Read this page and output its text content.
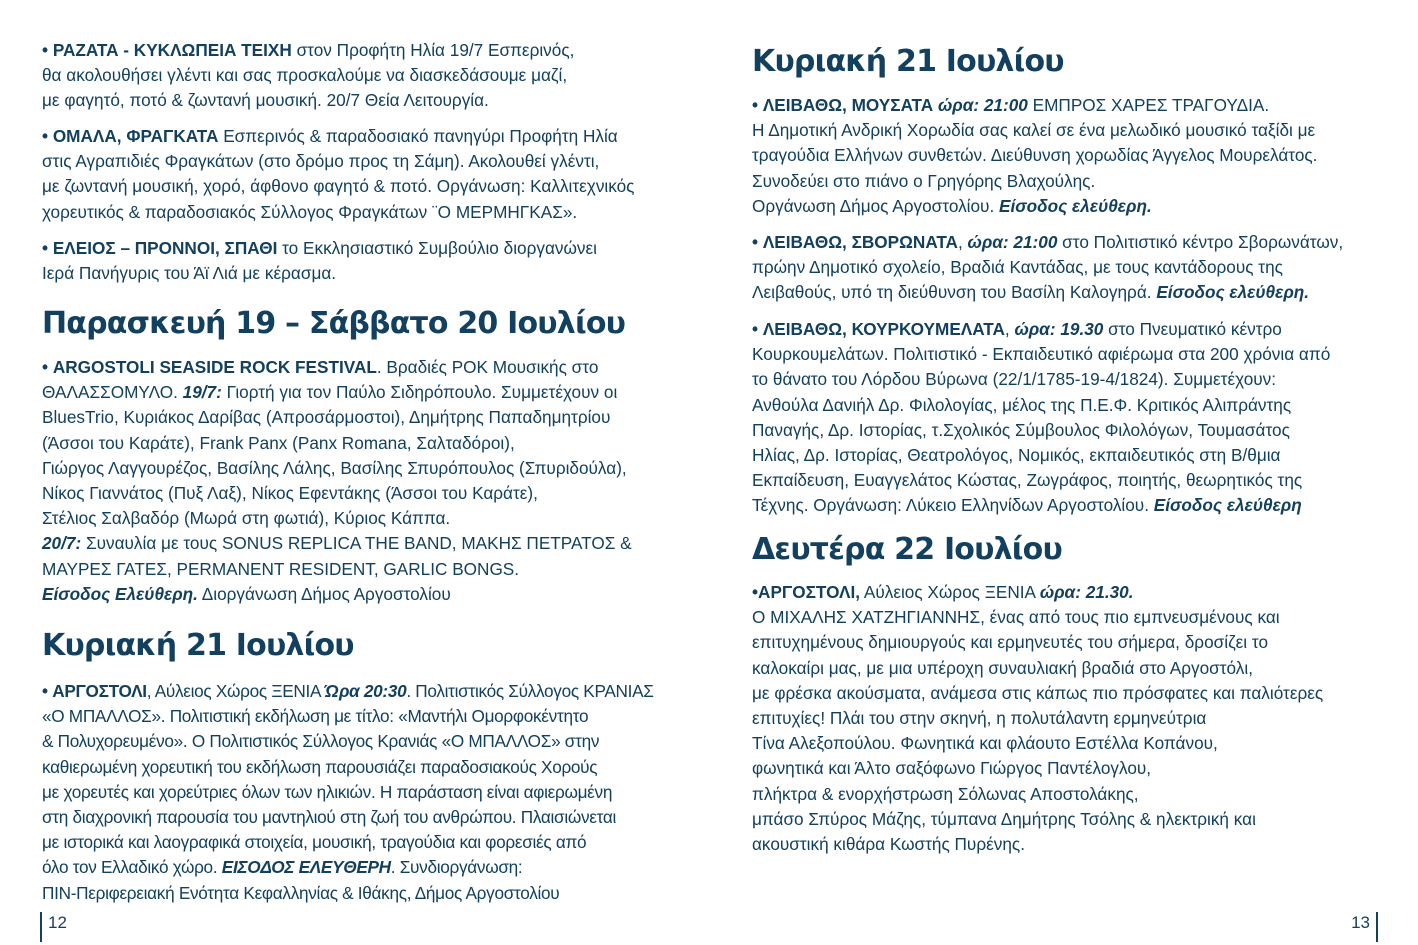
• ΡΑΖΑΤΑ - ΚΥΚΛΩΠΕΙΑ ΤΕΙΧΗ στον Προφήτη Ηλία 19/7 Εσπερινός,
θα ακολουθήσει γλέντι και σας προσκαλούμε να διασκεδάσουμε μαζί,
με φαγητό, ποτό & ζωντανή μουσική. 20/7 Θεία Λειτουργία.

• ΟΜΑΛΑ, ΦΡΑΓΚΑΤΑ Εσπερινός & παραδοσιακό πανηγύρι Προφήτη Ηλία
στις Αγραπιδιές Φραγκάτων (στο δρόμο προς τη Σάμη). Ακολουθεί γλέντι,
με ζωντανή μουσική, χορό, άφθονο φαγητό & ποτό. Οργάνωση: Καλλιτεχνικός
χορευτικός & παραδοσιακός Σύλλογος Φραγκάτων ¨Ο ΜΕΡΜΗΓΚΑΣ».

• ΕΛΕΙΟΣ – ΠΡΟΝΝΟΙ, ΣΠΑΘΙ το Εκκλησιαστικό Συμβούλιο διοργανώνει
Ιερά Πανήγυρις του Άϊ Λιά με κέρασμα.

Παρασκευή 19 – Σάββατο 20 Ιουλίου

• ARGOSTOLI SEASIDE ROCK FESTIVAL. Βραδιές ΡΟΚ Μουσικής στο
ΘΑΛΑΣΣΟΜΥΛΟ. 19/7: Γιορτή για τον Παύλο Σιδηρόπουλο. Συμμετέχουν οι
BluesTrio, Κυριάκος Δαρίβας (Απροσάρμοστοι), Δημήτρης Παπαδημητρίου
(Άσσοι του Καράτε), Frank Panx (Panx Romana, Σαλταδόροι),
Γιώργος Λαγγουρέζος, Βασίλης Λάλης, Βασίλης Σπυρόπουλος (Σπυριδούλα),
Νίκος Γιαννάτος (Πυξ Λαξ), Νίκος Εφεντάκης (Άσσοι του Καράτε),
Στέλιος Σαλβαδόρ (Μωρά στη φωτιά), Κύριος Κάππα.
20/7: Συναυλία με τους SONUS REPLICA THE BAND, ΜΑΚΗΣ ΠΕΤΡΑΤΟΣ &
ΜΑΥΡΕΣ ΓΑΤΕΣ, PERMANENT RESIDENT, GARLIC BONGS.
Είσοδος Ελεύθερη. Διοργάνωση Δήμος Αργοστολίου

Κυριακή 21 Ιουλίου

• ΑΡΓΟΣΤΟΛΙ, Αύλειος Χώρος ΞΕΝΙΑ Ώρα 20:30. Πολιτιστικός Σύλλογος ΚΡΑΝΙΑΣ
«Ο ΜΠΑΛΛΟΣ». Πολιτιστική εκδήλωση με τίτλο: «Μαντήλι Ομορφοκέντητο
& Πολυχορευμένο». Ο Πολιτιστικός Σύλλογος Κρανιάς «Ο ΜΠΑΛΛΟΣ» στην
καθιερωμένη χορευτική του εκδήλωση παρουσιάζει παραδοσιακούς Χορούς
με χορευτές και χορεύτριες όλων των ηλικιών. Η παράσταση είναι αφιερωμένη
στη διαχρονική παρουσία του μαντηλιού στη ζωή του ανθρώπου. Πλαισιώνεται
με ιστορικά και λαογραφικά στοιχεία, μουσική, τραγούδια και φορεσιές από
όλο τον Ελλαδικό χώρο. ΕΙΣΟΔΟΣ ΕΛΕΥΘΕΡΗ. Συνδιοργάνωση:
ΠΙΝ-Περιφερειακή Ενότητα Κεφαλληνίας & Ιθάκης, Δήμος Αργοστολίου

12
Κυριακή 21 Ιουλίου

• ΛΕΙΒΑΘΩ, ΜΟΥΣΑΤΑ ώρα: 21:00 ΕΜΠΡΟΣ ΧΑΡΕΣ ΤΡΑΓΟΥΔΙΑ.
Η Δημοτική Ανδρική Χορωδία σας καλεί σε ένα μελωδικό μουσικό ταξίδι με
τραγούδια Ελλήνων συνθετών. Διεύθυνση χορωδίας Άγγελος Μουρελάτος.
Συνοδεύει στο πιάνο ο Γρηγόρης Βλαχούλης.
Οργάνωση Δήμος Αργοστολίου. Είσοδος ελεύθερη.

• ΛΕΙΒΑΘΩ, ΣΒΟΡΩΝΑΤΑ, ώρα: 21:00 στο Πολιτιστικό κέντρο Σβορωνάτων,
πρώην Δημοτικό σχολείο, Βραδιά Καντάδας, με τους καντάδορους της
Λειβαθούς, υπό τη διεύθυνση του Βασίλη Καλογηρά. Είσοδος ελεύθερη.

• ΛΕΙΒΑΘΩ, ΚΟΥΡΚΟΥΜΕΛΑΤΑ, ώρα: 19.30 στο Πνευματικό κέντρο
Κουρκουμελάτων. Πολιτιστικό - Εκπαιδευτικό αφιέρωμα στα 200 χρόνια από
το θάνατο του Λόρδου Βύρωνα (22/1/1785-19-4/1824). Συμμετέχουν:
Ανθούλα Δανιήλ Δρ. Φιλολογίας, μέλος της Π.Ε.Φ. Κριτικός Αλιπράντης
Παναγής, Δρ. Ιστορίας, τ.Σχολικός Σύμβουλος Φιλολόγων, Τουμασάτος
Ηλίας, Δρ. Ιστορίας, Θεατρολόγος, Νομικός, εκπαιδευτικός στη Β/θμια
Εκπαίδευση, Ευαγγελάτος Κώστας, Ζωγράφος, ποιητής, θεωρητικός της
Τέχνης. Οργάνωση: Λύκειο Ελληνίδων Αργοστολίου. Είσοδος ελεύθερη

Δευτέρα 22 Ιουλίου

•ΑΡΓΟΣΤΟΛΙ, Αύλειος Χώρος ΞΕΝΙΑ ώρα: 21.30.
Ο ΜΙΧΑΛΗΣ ΧΑΤΖΗΓΙΑΝΝΗΣ, ένας από τους πιο εμπνευσμένους και
επιτυχημένους δημιουργούς και ερμηνευτές του σήμερα, δροσίζει το
καλοκαίρι μας, με μια υπέροχη συναυλιακή βραδιά στο Αργοστόλι,
με φρέσκα ακούσματα, ανάμεσα στις κάπως πιο πρόσφατες και παλιότερες
επιτυχίες! Πλάι του στην σκηνή, η πολυτάλαντη ερμηνεύτρια
Τίνα Αλεξοπούλου. Φωνητικά και φλάουτο Εστέλλα Κοπάνου,
φωνητικά και Άλτο σαξόφωνο Γιώργος Παντέλογλου,
πλήκτρα & ενορχήστρωση Σόλωνας Αποστολάκης,
μπάσο Σπύρος Μάζης, τύμπανα Δημήτρης Τσόλης & ηλεκτρική και
ακουστική κιθάρα Κωστής Πυρένης.

13
